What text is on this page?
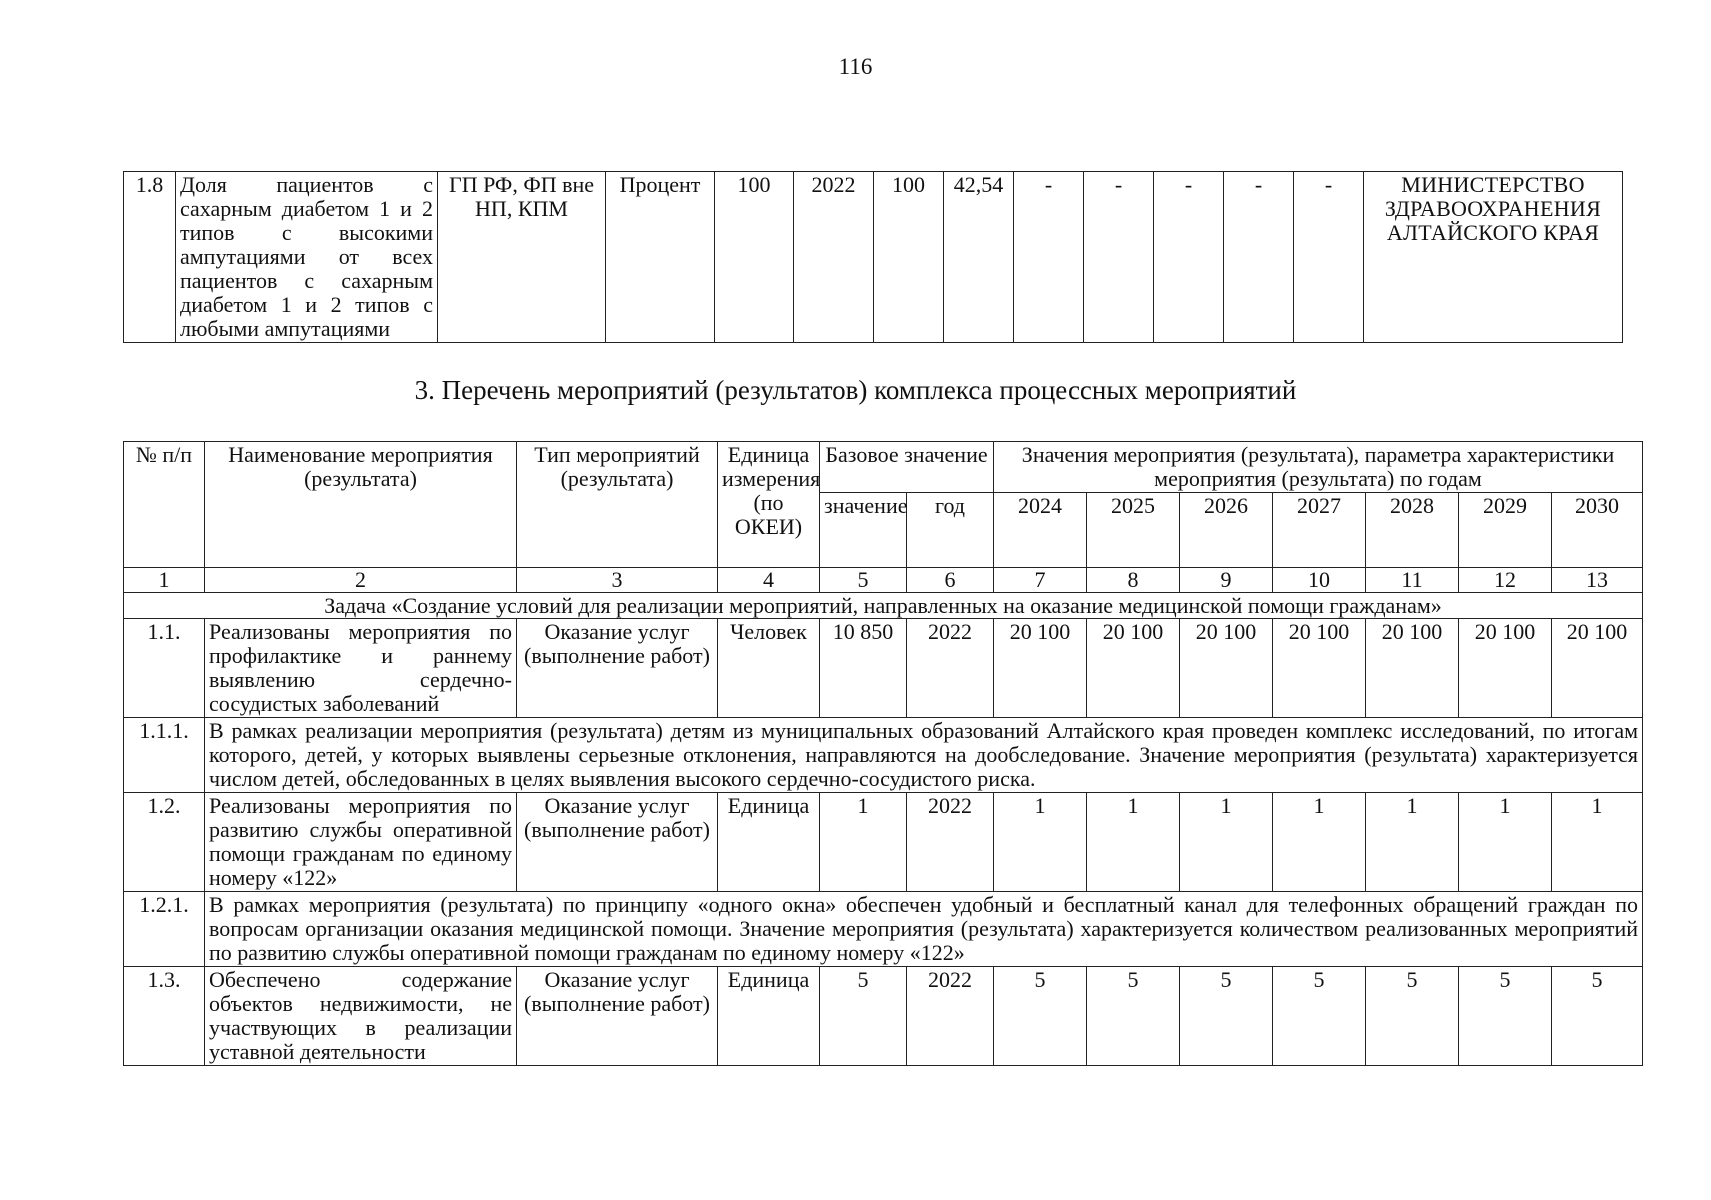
116
1.8	Доля пациентов с сахарным диабетом 1 и 2 типов с высокими ампутациями от всех пациентов с сахарным диабетом 1 и 2 типов с любыми ампутациями	ГП РФ, ФП вне НП, КПМ	Процент	100	2022	100	42,54	-	-	-	-	-	МИНИСТЕРСТВО ЗДРАВООХРАНЕНИЯ АЛТАЙСКОГО КРАЯ
3. Перечень мероприятий (результатов) комплекса процессных мероприятий
№ п/п	Наименование мероприятия (результата)	Тип мероприятий (результата)	Единица измерения (по ОКЕИ)	Базовое значение		Значения мероприятия (результата), параметра характеристики мероприятия (результата) по годам						
				значение	год	2024	2025	2026	2027	2028	2029	2030
1	2	3	4	5	6	7	8	9	10	11	12	13
Задача «Создание условий для реализации мероприятий, направленных на оказание медицинской помощи гражданам»												
1.1.	Реализованы мероприятия по профилактике и раннему выявлению сердечно-сосудистых заболеваний	Оказание услуг (выполнение работ)	Человек	10 850	2022	20 100	20 100	20 100	20 100	20 100	20 100	20 100
1.1.1.	В рамках реализации мероприятия (результата) детям из муниципальных образований Алтайского края проведен комплекс исследований, по итогам которого, детей, у которых выявлены серьезные отклонения, направляются на дообследование. Значение мероприятия (результата) характеризуется числом детей, обследованных в целях выявления высокого сердечно-сосудистого риска.											
1.2.	Реализованы мероприятия по развитию службы оперативной помощи гражданам по единому номеру «122»	Оказание услуг (выполнение работ)	Единица	1	2022	1	1	1	1	1	1	1
1.2.1.	В рамках мероприятия (результата) по принципу «одного окна» обеспечен удобный и бесплатный канал для телефонных обращений граждан по вопросам организации оказания медицинской помощи. Значение мероприятия (результата) характеризуется количеством реализованных мероприятий по развитию службы оперативной помощи гражданам по единому номеру «122»											
1.3.	Обеспечено содержание объектов недвижимости, не участвующих в реализации уставной деятельности	Оказание услуг (выполнение работ)	Единица	5	2022	5	5	5	5	5	5	5
